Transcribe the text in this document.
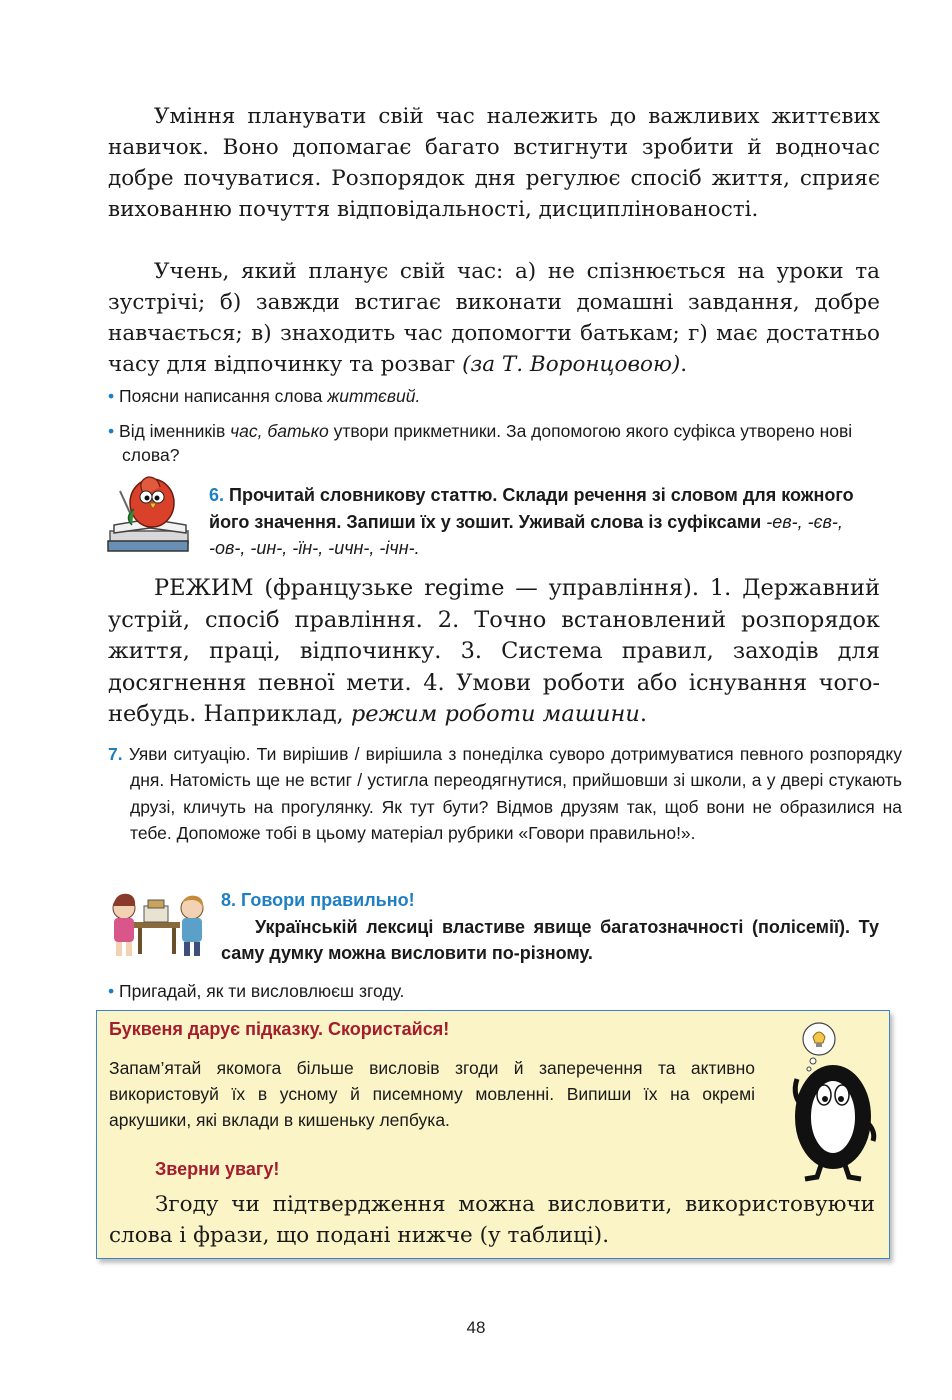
Уміння планувати свій час належить до важливих життєвих навичок. Воно допомагає багато встигнути зробити й водночас добре почуватися. Розпорядок дня регулює спосіб життя, сприяє вихованню почуття відповідальності, дисциплінованості.

Учень, який планує свій час: а) не спізнюється на уроки та зустрічі; б) завжди встигає виконати домашні завдання, добре навчається; в) знаходить час допомогти батькам; г) має достатньо часу для відпочинку та розваг (за Т. Воронцовою).

• Поясни написання слова життєвий.
• Від іменників час, батько утвори прикметники. За допомогою якого суфікса утворено нові слова?

6. Прочитай словникову статтю. Склади речення зі словом для кожного його значення. Запиши їх у зошит. Уживай слова із суфіксами -ев-, -єв-, -ов-, -ин-, -їн-, -ичн-, -ічн-.

РЕЖИМ (французьке regime — управління). 1. Державний устрій, спосіб правління. 2. Точно встановлений розпорядок життя, праці, відпочинку. 3. Система правил, заходів для досягнення певної мети. 4. Умови роботи або існування чого-небудь. Наприклад, режим роботи машини.

7. Уяви ситуацію. Ти вирішив / вирішила з понеділка суворо дотримуватися певного розпорядку дня. Натомість ще не встиг / устигла переодягнутися, прийшовши зі школи, а у двері стукають друзі, кличуть на прогулянку. Як тут бути? Відмов друзям так, щоб вони не образилися на тебе. Допоможе тобі в цьому матеріал рубрики «Говори правильно!».

8. Говори правильно!

Українській лексиці властиве явище багатозначності (полісемії). Ту саму думку можна висловити по-різному.

• Пригадай, як ти висловлюєш згоду.
Буквеня дарує підказку. Скористайся!

Запам’ятай якомога більше висловів згоди й заперечення та активно використовуй їх в усному й писемному мовленні. Випиши їх на окремі аркушики, які вклади в кишеньку лепбука.

Зверни увагу!

Згоду чи підтвердження можна висловити, використовуючи слова і фрази, що подані нижче (у таблиці).

48
